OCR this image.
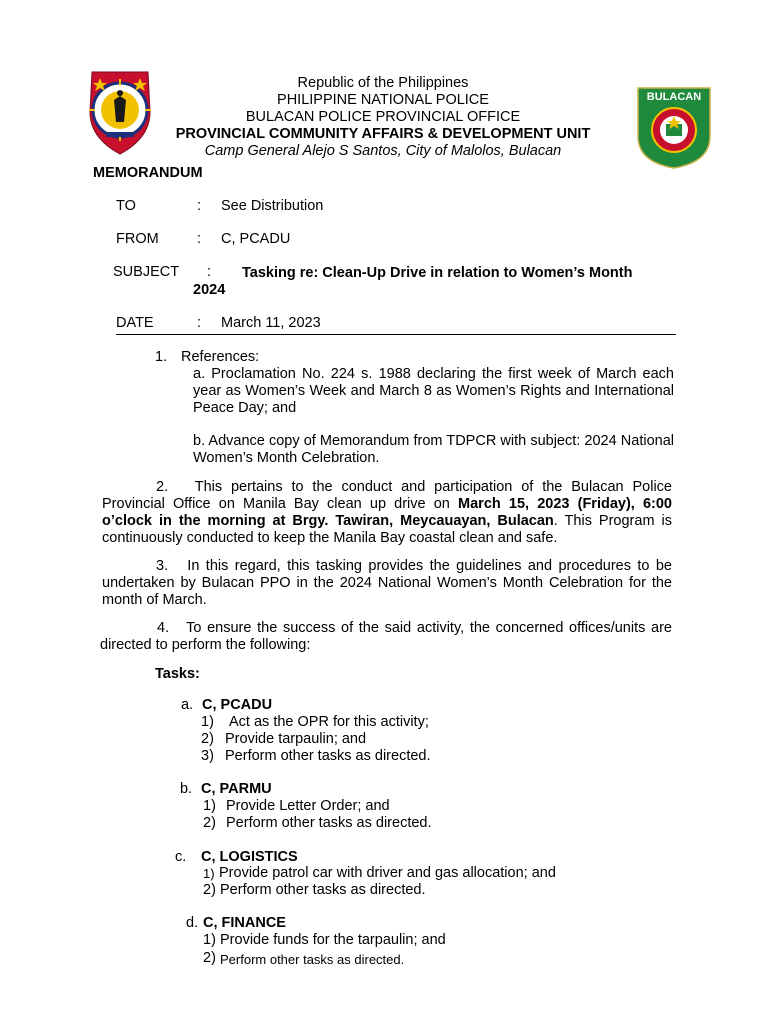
Republic of the Philippines
PHILIPPINE NATIONAL POLICE
BULACAN POLICE PROVINCIAL OFFICE
PROVINCIAL COMMUNITY AFFAIRS & DEVELOPMENT UNIT
Camp General Alejo S Santos, City of Malolos, Bulacan
BULACAN
MEMORANDUM
TO	: See Distribution
FROM	: C, PCADU
SUBJECT : Tasking re: Clean-Up Drive in relation to Women’s Month
2024
DATE	: March 11, 2023
1. References:
a. Proclamation No. 224 s. 1988 declaring the first week of March each year as Women’s Week and March 8 as Women’s Rights and International Peace Day; and
b. Advance copy of Memorandum from TDPCR with subject: 2024 National Women’s Month Celebration.
2. This pertains to the conduct and participation of the Bulacan Police Provincial Office on Manila Bay clean up drive on March 15, 2023 (Friday), 6:00 o’clock in the morning at Brgy. Tawiran, Meycauayan, Bulacan. This Program is continuously conducted to keep the Manila Bay coastal clean and safe.
3. In this regard, this tasking provides the guidelines and procedures to be undertaken by Bulacan PPO in the 2024 National Women’s Month Celebration for the month of March.
4. To ensure the success of the said activity, the concerned offices/units are directed to perform the following:
Tasks:
a. C, PCADU
1) Act as the OPR for this activity;
2) Provide tarpaulin; and
3) Perform other tasks as directed.
b. C, PARMU
1) Provide Letter Order; and
2) Perform other tasks as directed.
c. C, LOGISTICS
1) Provide patrol car with driver and gas allocation; and
2) Perform other tasks as directed.
d. C, FINANCE
1) Provide funds for the tarpaulin; and
2) Perform other tasks as directed.
